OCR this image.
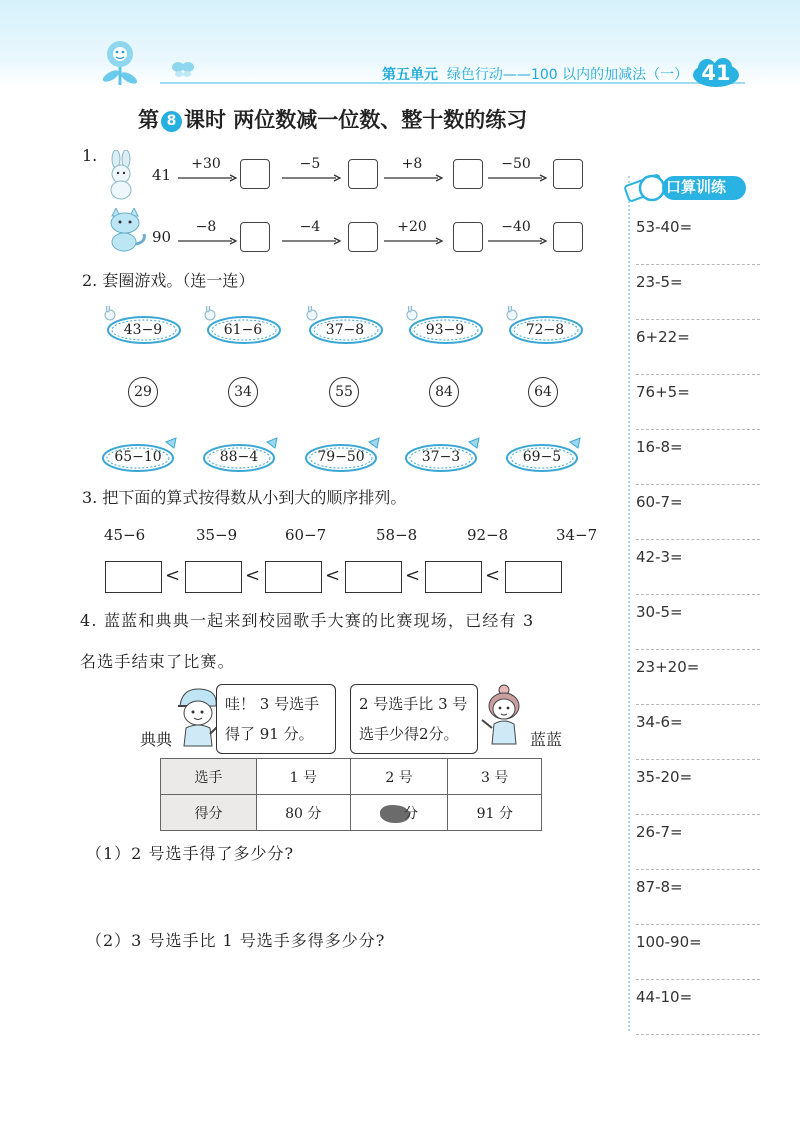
第五单元 绿色行动——100 以内的加减法（一） 41
第 8 课时 两位数减一位数、整十数的练习
1.
41
+30	−5	+8	−50
90
−8	−4	+20	−40
2. 套圈游戏。（连一连）
43−9	61−6	37−8	93−9	72−8
29	34	55	84	64
65−10	88−4	79−50	37−3	69−5
3. 把下面的算式按得数从小到大的顺序排列。
45−6	35−9	60−7	58−8	92−8	34−7
<	<	<	<	<
4. 蓝蓝和典典一起来到校园歌手大赛的比赛现场，已经有 3
名选手结束了比赛。
典典
哇！ 3 号选手
得了 91 分。
2 号选手比 3 号
选手少得2分。	蓝蓝
选手	1 号	2 号	3 号
得分	80 分	分	91 分
（1）2 号选手得了多少分?
（2）3 号选手比 1 号选手多得多少分?
口算训练
53-40=
23-5=
6+22=
76+5=
16-8=
60-7=
42-3=
30-5=
23+20=
34-6=
35-20=
26-7=
87-8=
100-90=
44-10=
